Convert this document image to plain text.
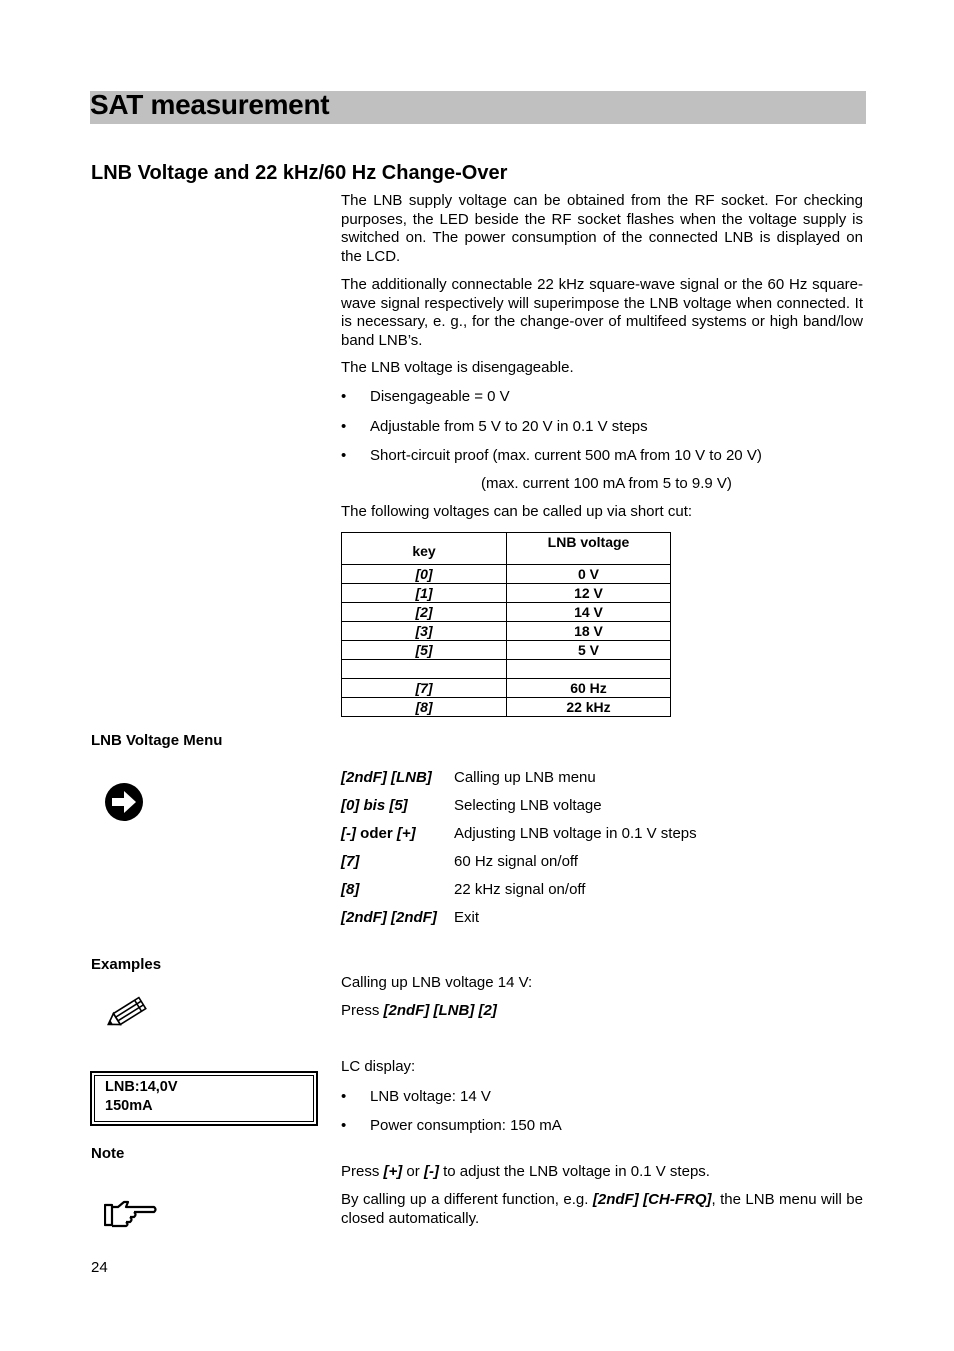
SAT measurement
LNB Voltage and 22 kHz/60 Hz Change-Over
The LNB supply voltage can be obtained from the RF socket. For checking purposes, the LED beside the RF socket flashes when the voltage supply is switched on. The power consumption of the connected LNB is displayed on the LCD.
The additionally connectable 22 kHz square-wave signal or the 60 Hz square-wave signal respectively will superimpose the LNB voltage when connected. It is necessary, e. g., for the change-over of multifeed systems or high band/low band LNB’s.
The LNB voltage is disengageable.
• Disengageable = 0 V
• Adjustable from 5 V to 20 V in 0.1 V steps
• Short-circuit proof (max. current 500 mA from 10 V to 20 V)
(max. current 100 mA from 5 to 9.9 V)
The following voltages can be called up via short cut:
key	LNB voltage
[0]	0 V
[1]	12 V
[2]	14 V
[3]	18 V
[5]	5 V

[7]	60 Hz
[8]	22 kHz
LNB Voltage Menu
[2ndF] [LNB] Calling up LNB menu
[0] bis [5]	Selecting LNB voltage
[-] oder [+]	Adjusting LNB voltage in 0.1 V steps
[7]	60 Hz signal on/off
[8]	22 kHz signal on/off
[2ndF] [2ndF] Exit
Examples
Calling up LNB voltage 14 V:
Press [2ndF] [LNB] [2]
LNB:14,0V
150mA
LC display:
• LNB voltage: 14 V
• Power consumption: 150 mA
Note
Press [+] or [-] to adjust the LNB voltage in 0.1 V steps.
By calling up a different function, e.g. [2ndF] [CH-FRQ], the LNB menu will be closed automatically.
24
